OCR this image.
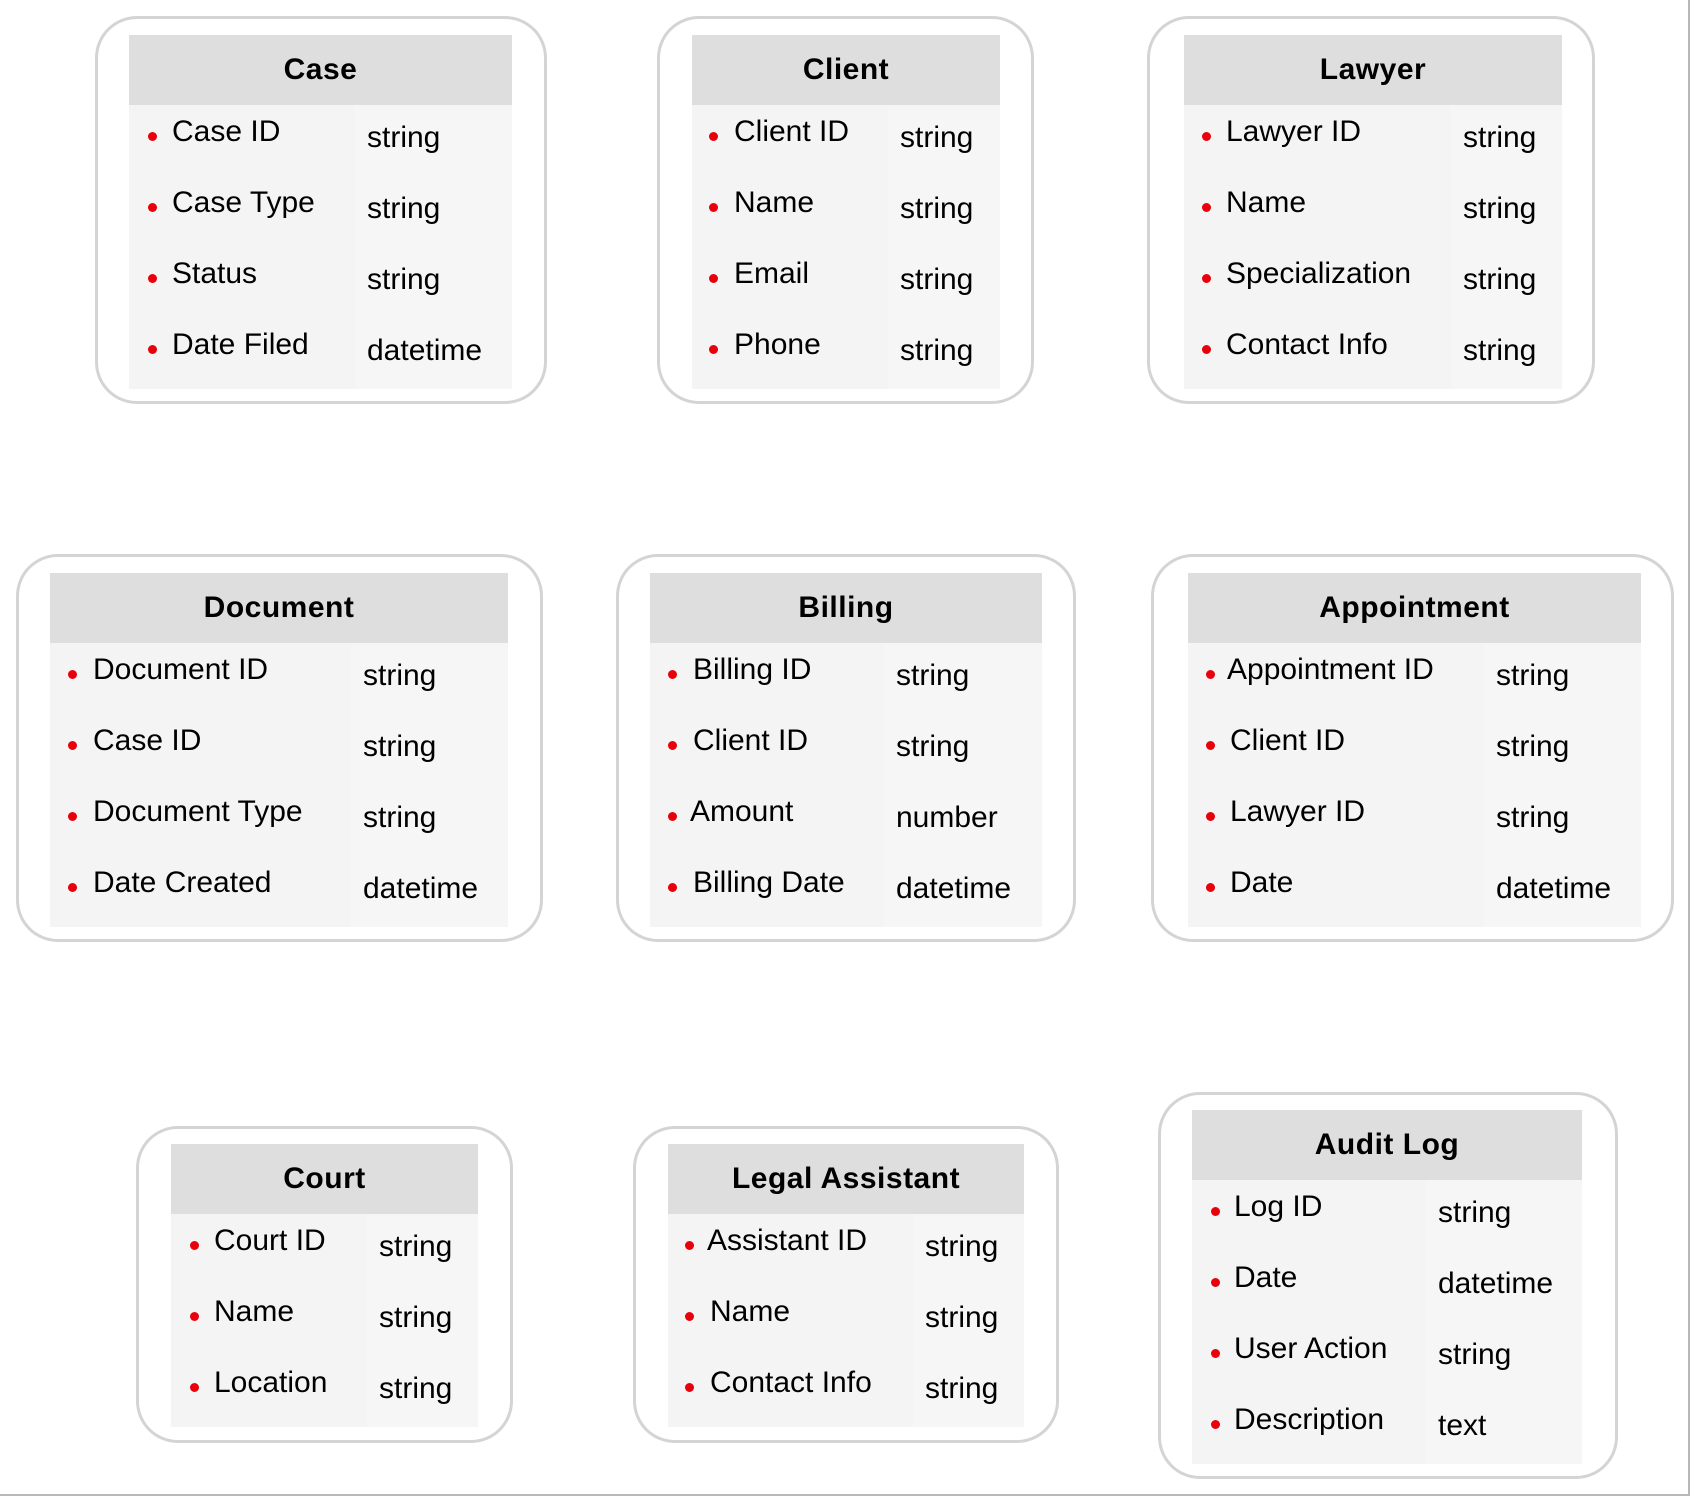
Case
Case ID	string
Case Type string
Status	string
Date Filed datetime
Client
Client ID string
Name	string
Email	string
Phone	string
Lawyer
Lawyer ID	string
Name	string
Specialization string
Contact Info	string
Document
Document ID	string
Case ID	string
Document Type string
Date Created	datetime
Billing
Billing ID	string
Client ID	string
Amount	number
Billing Date datetime
Appointment
Appointment ID string
Client ID	string
Lawyer ID	string
Date	datetime
Court
Court ID string
Name	string
Location string
Legal Assistant
Assistant ID string
Name	string
Contact Info string
Audit Log
Log ID	string
Date	datetime
User Action string
Description text
